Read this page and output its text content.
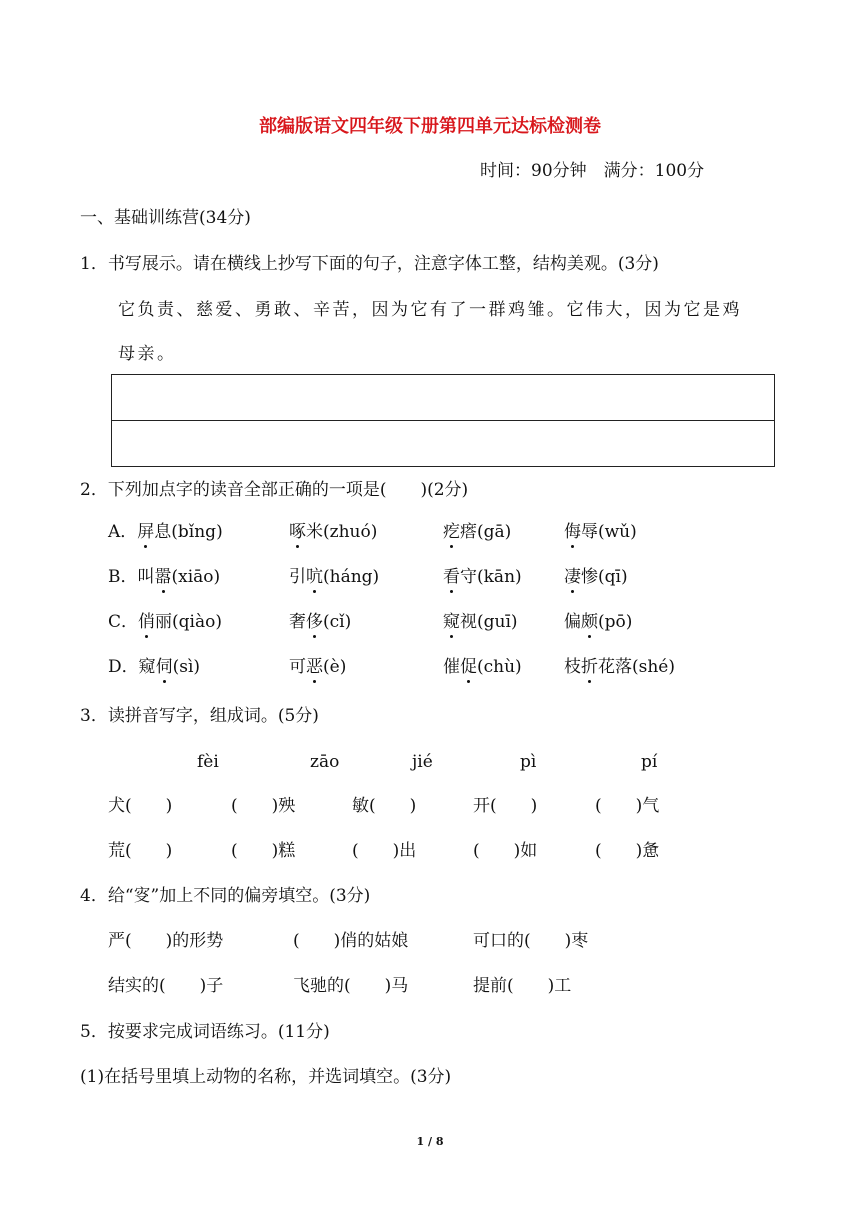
部编版语文四年级下册第四单元达标检测卷
时间：90分钟　满分：100分
一、基础训练营(34分)
1．书写展示。请在横线上抄写下面的句子，注意字体工整，结构美观。(3分)
它负责、慈爱、勇敢、辛苦，因为它有了一群鸡雏。它伟大，因为它是鸡
母亲。
2．下列加点字的读音全部正确的一项是(　　)(2分)
A．屏息(bǐng)	啄米(zhuó)	疙瘩(gā)	侮辱(wǔ)
B．叫嚣(xiāo)	引吭(háng)	看守(kān) 凄惨(qī)
C．俏丽(qiào)	奢侈(cǐ)	窥视(guī)	偏颇(pō)
D．窥伺(sì)	可恶(è)	催促(chù) 枝折花落(shé)
3．读拼音写字，组成词。(5分)
fèi	zāo	jié	pì	pí
犬(　　)	(　　)殃	敏(　　)	开(　　)	(　　)气
荒(　　)	(　　)糕	(　　)出	(　　)如	(　　)惫
4．给“叜”加上不同的偏旁填空。(3分)
严(　　)的形势	(　　)俏的姑娘	可口的(　　)枣
结实的(　　)子	飞驰的(　　)马	提前(　　)工
5．按要求完成词语练习。(11分)
(1)在括号里填上动物的名称，并选词填空。(3分)
1 / 8
